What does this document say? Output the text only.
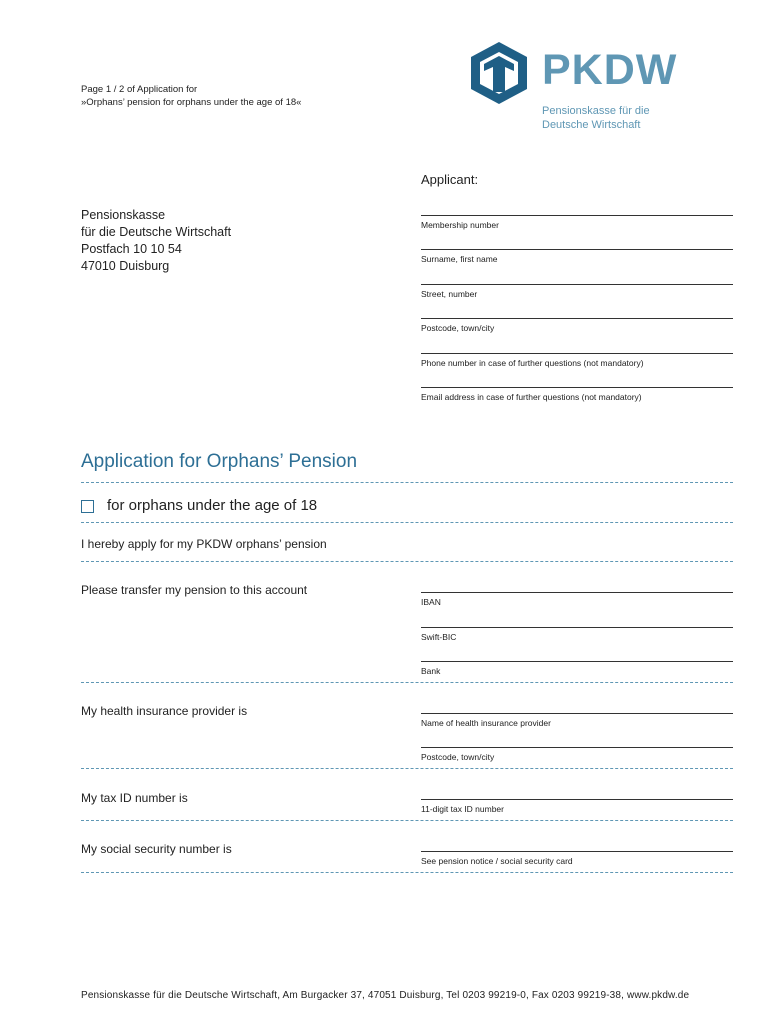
Page 1 / 2 of Application for
»Orphans’ pension for orphans under the age of 18«
PKDW
Pensionskasse für die
Deutsche Wirtschaft
Pensionskasse
für die Deutsche Wirtschaft
Postfach 10 10 54
47010 Duisburg
Applicant:
Membership number
Surname, first name
Street, number
Postcode, town/city
Phone number in case of further questions (not mandatory)
Email address in case of further questions (not mandatory)
Application for Orphans’ Pension
for orphans under the age of 18
I hereby apply for my PKDW orphans’ pension
Please transfer my pension to this account
IBAN
Swift-BIC
Bank
My health insurance provider is
Name of health insurance provider
Postcode, town/city
My tax ID number is
11-digit tax ID number
My social security number is
See pension notice / social security card
Pensionskasse für die Deutsche Wirtschaft, Am Burgacker 37, 47051 Duisburg, Tel 0203 99219-0, Fax 0203 99219-38, www.pkdw.de
